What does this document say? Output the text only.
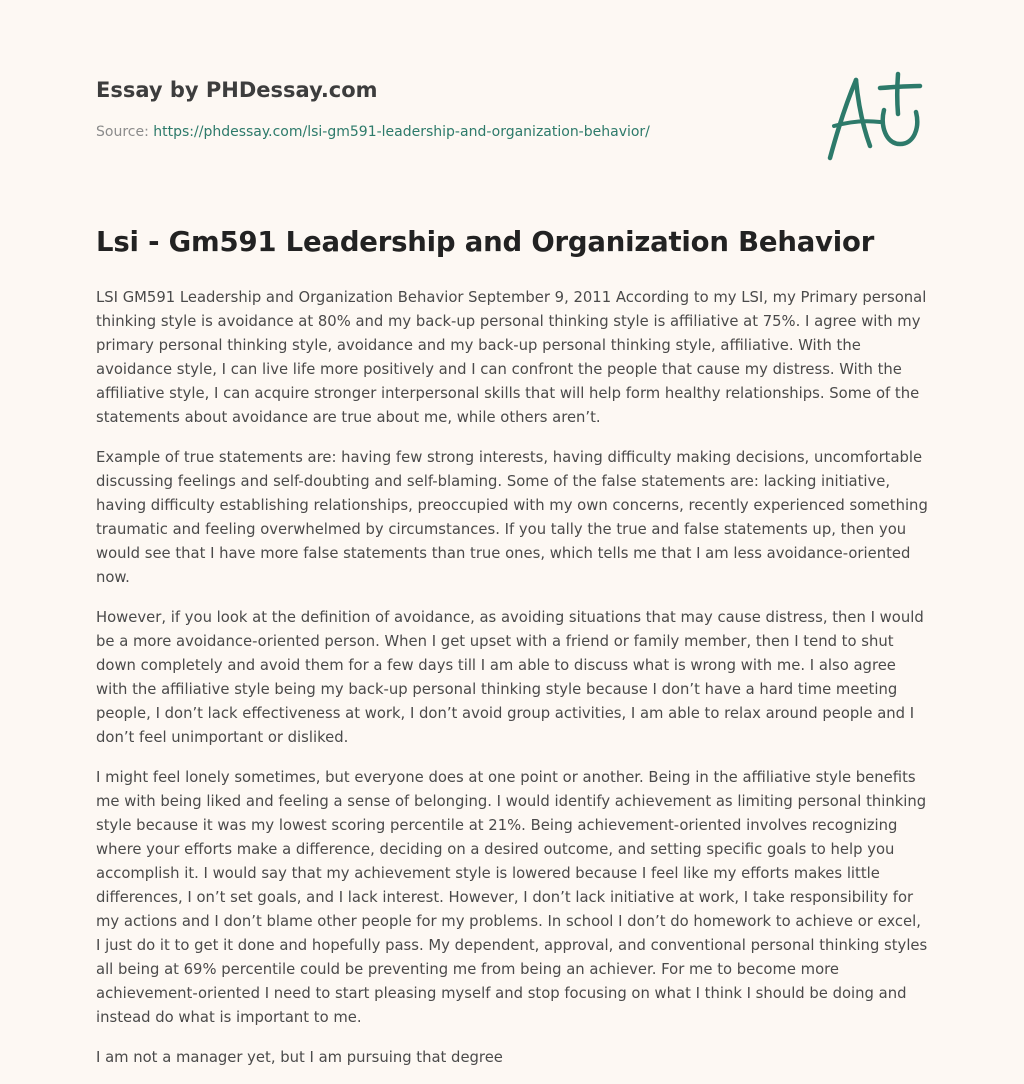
Essay by PHDessay.com
Source: https://phdessay.com/lsi-gm591-leadership-and-organization-behavior/
Lsi - Gm591 Leadership and Organization Behavior

LSI GM591 Leadership and Organization Behavior September 9, 2011 According to my LSI, my Primary personal thinking style is avoidance at 80% and my back-up personal thinking style is affiliative at 75%. I agree with my primary personal thinking style, avoidance and my back-up personal thinking style, affiliative. With the avoidance style, I can live life more positively and I can confront the people that cause my distress. With the affiliative style, I can acquire stronger interpersonal skills that will help form healthy relationships. Some of the statements about avoidance are true about me, while others aren’t.

Example of true statements are: having few strong interests, having difficulty making decisions, uncomfortable discussing feelings and self-doubting and self-blaming. Some of the false statements are: lacking initiative, having difficulty establishing relationships, preoccupied with my own concerns, recently experienced something traumatic and feeling overwhelmed by circumstances. If you tally the true and false statements up, then you would see that I have more false statements than true ones, which tells me that I am less avoidance-oriented now.

However, if you look at the definition of avoidance, as avoiding situations that may cause distress, then I would be a more avoidance-oriented person. When I get upset with a friend or family member, then I tend to shut down completely and avoid them for a few days till I am able to discuss what is wrong with me. I also agree with the affiliative style being my back-up personal thinking style because I don’t have a hard time meeting people, I don’t lack effectiveness at work, I don’t avoid group activities, I am able to relax around people and I don’t feel unimportant or disliked.

I might feel lonely sometimes, but everyone does at one point or another. Being in the affiliative style benefits me with being liked and feeling a sense of belonging. I would identify achievement as limiting personal thinking style because it was my lowest scoring percentile at 21%. Being achievement-oriented involves recognizing where your efforts make a difference, deciding on a desired outcome, and setting specific goals to help you accomplish it. I would say that my achievement style is lowered because I feel like my efforts makes little differences, I on’t set goals, and I lack interest. However, I don’t lack initiative at work, I take responsibility for my actions and I don’t blame other people for my problems. In school I don’t do homework to achieve or excel, I just do it to get it done and hopefully pass. My dependent, approval, and conventional personal thinking styles all being at 69% percentile could be preventing me from being an achiever. For me to become more achievement-oriented I need to start pleasing myself and stop focusing on what I think I should be doing and instead do what is important to me.

I am not a manager yet, but I am pursuing that degree
